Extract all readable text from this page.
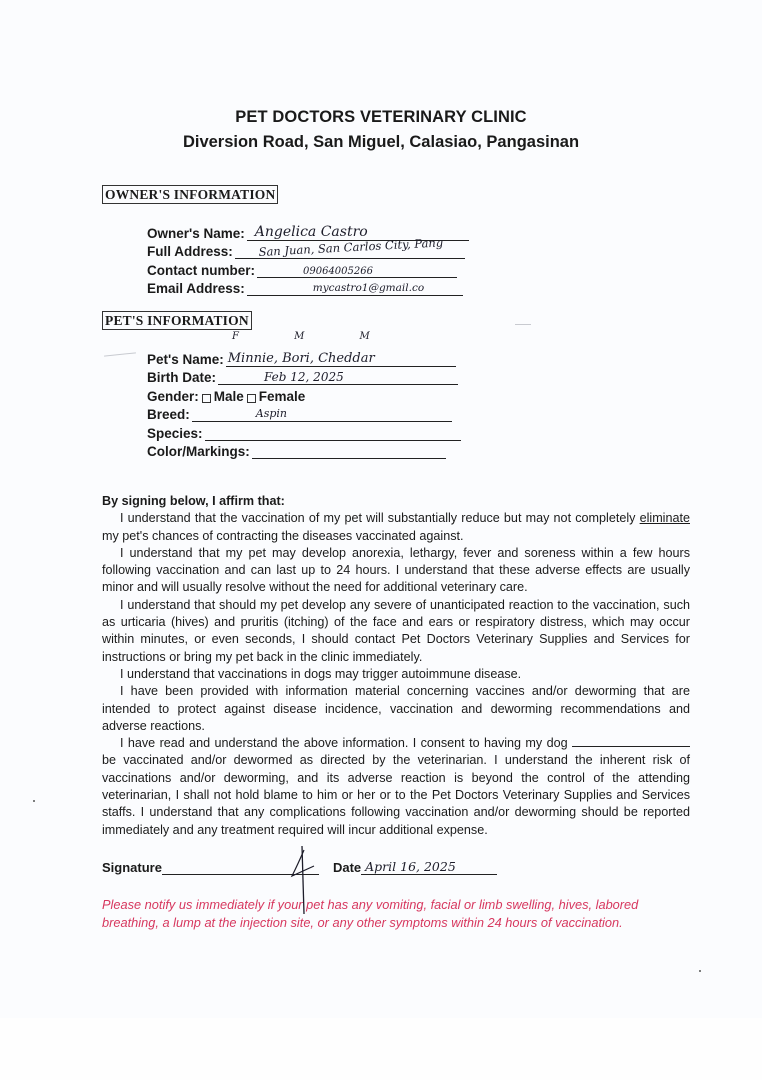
PET DOCTORS VETERINARY CLINIC
Diversion Road, San Miguel, Calasiao, Pangasinan
OWNER'S INFORMATION
Owner's Name: Angelica Castro
Full Address: San Juan, San Carlos City, Pang
Contact number:	09064005266
Email Address:	mycastro1@gmail.co
PET'S INFORMATION
F M M
Pet's Name: Minnie, Bori, Cheddar
Birth Date:	Feb 12, 2025
Gender: Male Female
Breed:	Aspin
Species:
Color/Markings:
By signing below, I affirm that:

I understand that the vaccination of my pet will substantially reduce but may not completely eliminate my pet's chances of contracting the diseases vaccinated against.

I understand that my pet may develop anorexia, lethargy, fever and soreness within a few hours following vaccination and can last up to 24 hours. I understand that these adverse effects are usually minor and will usually resolve without the need for additional veterinary care.

I understand that should my pet develop any severe of unanticipated reaction to the vaccination, such as urticaria (hives) and pruritis (itching) of the face and ears or respiratory distress, which may occur within minutes, or even seconds, I should contact Pet Doctors Veterinary Supplies and Services for instructions or bring my pet back in the clinic immediately.

I understand that vaccinations in dogs may trigger autoimmune disease.

I have been provided with information material concerning vaccines and/or deworming that are intended to protect against disease incidence, vaccination and deworming recommendations and adverse reactions.

I have read and understand the above information. I consent to having my dog  be vaccinated and/or dewormed as directed by the veterinarian. I understand the inherent risk of vaccinations and/or deworming, and its adverse reaction is beyond the control of the attending veterinarian, I shall not hold blame to him or her or to the Pet Doctors Veterinary Supplies and Services staffs. I understand that any complications following vaccination and/or deworming should be reported immediately and any treatment required will incur additional expense.

Signature	Date April 16, 2025
Please notify us immediately if your pet has any vomiting, facial or limb swelling, hives, labored breathing, a lump at the injection site, or any other symptoms within 24 hours of vaccination.
